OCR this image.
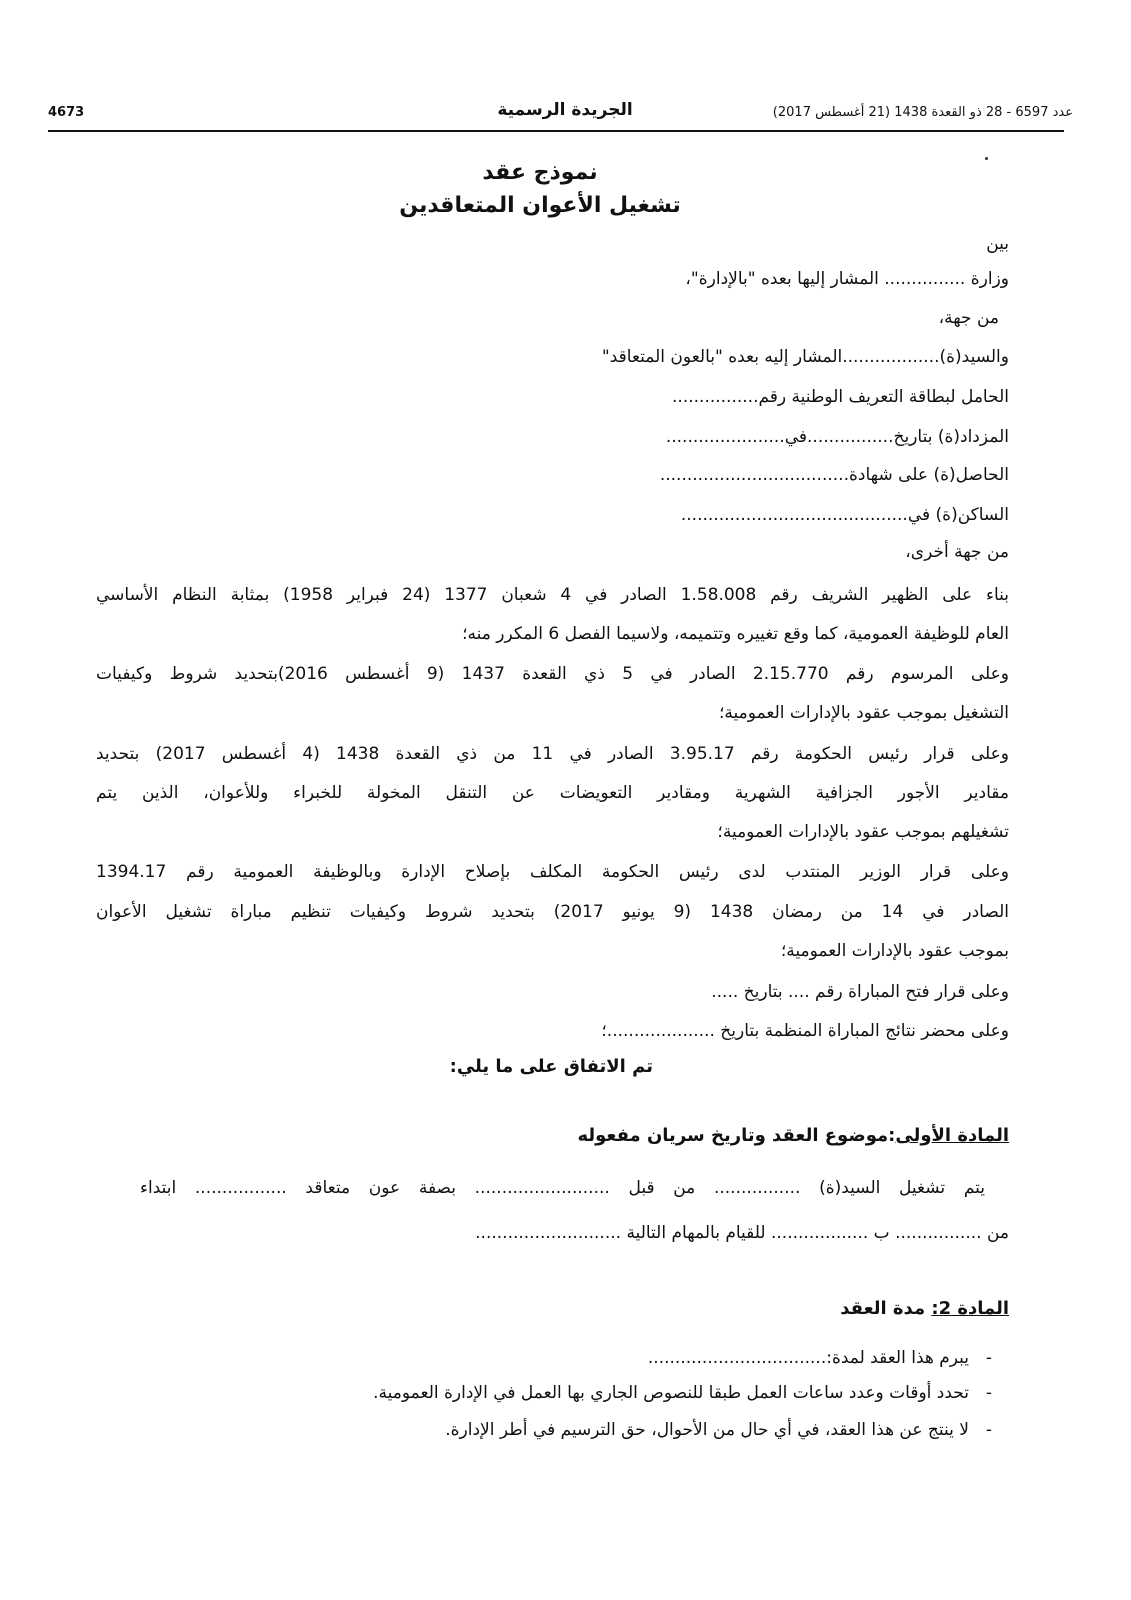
4673	الجريدة الرسمية	عدد 6597 - 28 ذو القعدة 1438 (21 أغسطس 2017)
نموذج عقد
تشغيل الأعوان المتعاقدين
بين
وزارة ............... المشار إليها بعده "بالإدارة"،
من جهة،
والسيد(ة)..................المشار إليه بعده "بالعون المتعاقد"
الحامل لبطاقة التعريف الوطنية رقم................
المزداد(ة) بتاريخ................في......................
الحاصل(ة) على شهادة...................................
الساكن(ة) في..........................................
من جهة أخرى،
بناء على الظهير الشريف رقم 1.58.008 الصادر في 4 شعبان 1377 (24 فبراير 1958) بمثابة النظام الأساسي
العام للوظيفة العمومية، كما وقع تغييره وتتميمه، ولاسيما الفصل 6 المكرر منه؛
وعلى المرسوم رقم 2.15.770 الصادر في 5 ذي القعدة 1437 (9 أغسطس 2016)بتحديد شروط وكيفيات
التشغيل بموجب عقود بالإدارات العمومية؛
وعلى قرار رئيس الحكومة رقم 3.95.17 الصادر في 11 من ذي القعدة 1438 (4 أغسطس 2017) بتحديد
مقادير الأجور الجزافية الشهرية ومقادير التعويضات عن التنقل المخولة للخبراء وللأعوان، الذين يتم
تشغيلهم بموجب عقود بالإدارات العمومية؛
وعلى قرار الوزير المنتدب لدى رئيس الحكومة المكلف بإصلاح الإدارة وبالوظيفة العمومية رقم 1394.17
الصادر في 14 من رمضان 1438 (9 يونيو 2017) بتحديد شروط وكيفيات تنظيم مباراة تشغيل الأعوان
بموجب عقود بالإدارات العمومية؛
وعلى قرار فتح المباراة رقم .... بتاريخ .....
وعلى محضر نتائج المباراة المنظمة بتاريخ ....................؛
تم الاتفاق على ما يلي:
المادة الأولى:موضوع العقد وتاريخ سريان مفعوله
يتم تشغيل السيد(ة) ................ من قبل ......................... بصفة عون متعاقد ................. ابتداء
من ................ ب .................. للقيام بالمهام التالية ...........................
المادة 2: مدة العقد
-يبرم هذا العقد لمدة:.................................
-تحدد أوقات وعدد ساعات العمل طبقا للنصوص الجاري بها العمل في الإدارة العمومية.
-لا ينتج عن هذا العقد، في أي حال من الأحوال، حق الترسيم في أطر الإدارة.
